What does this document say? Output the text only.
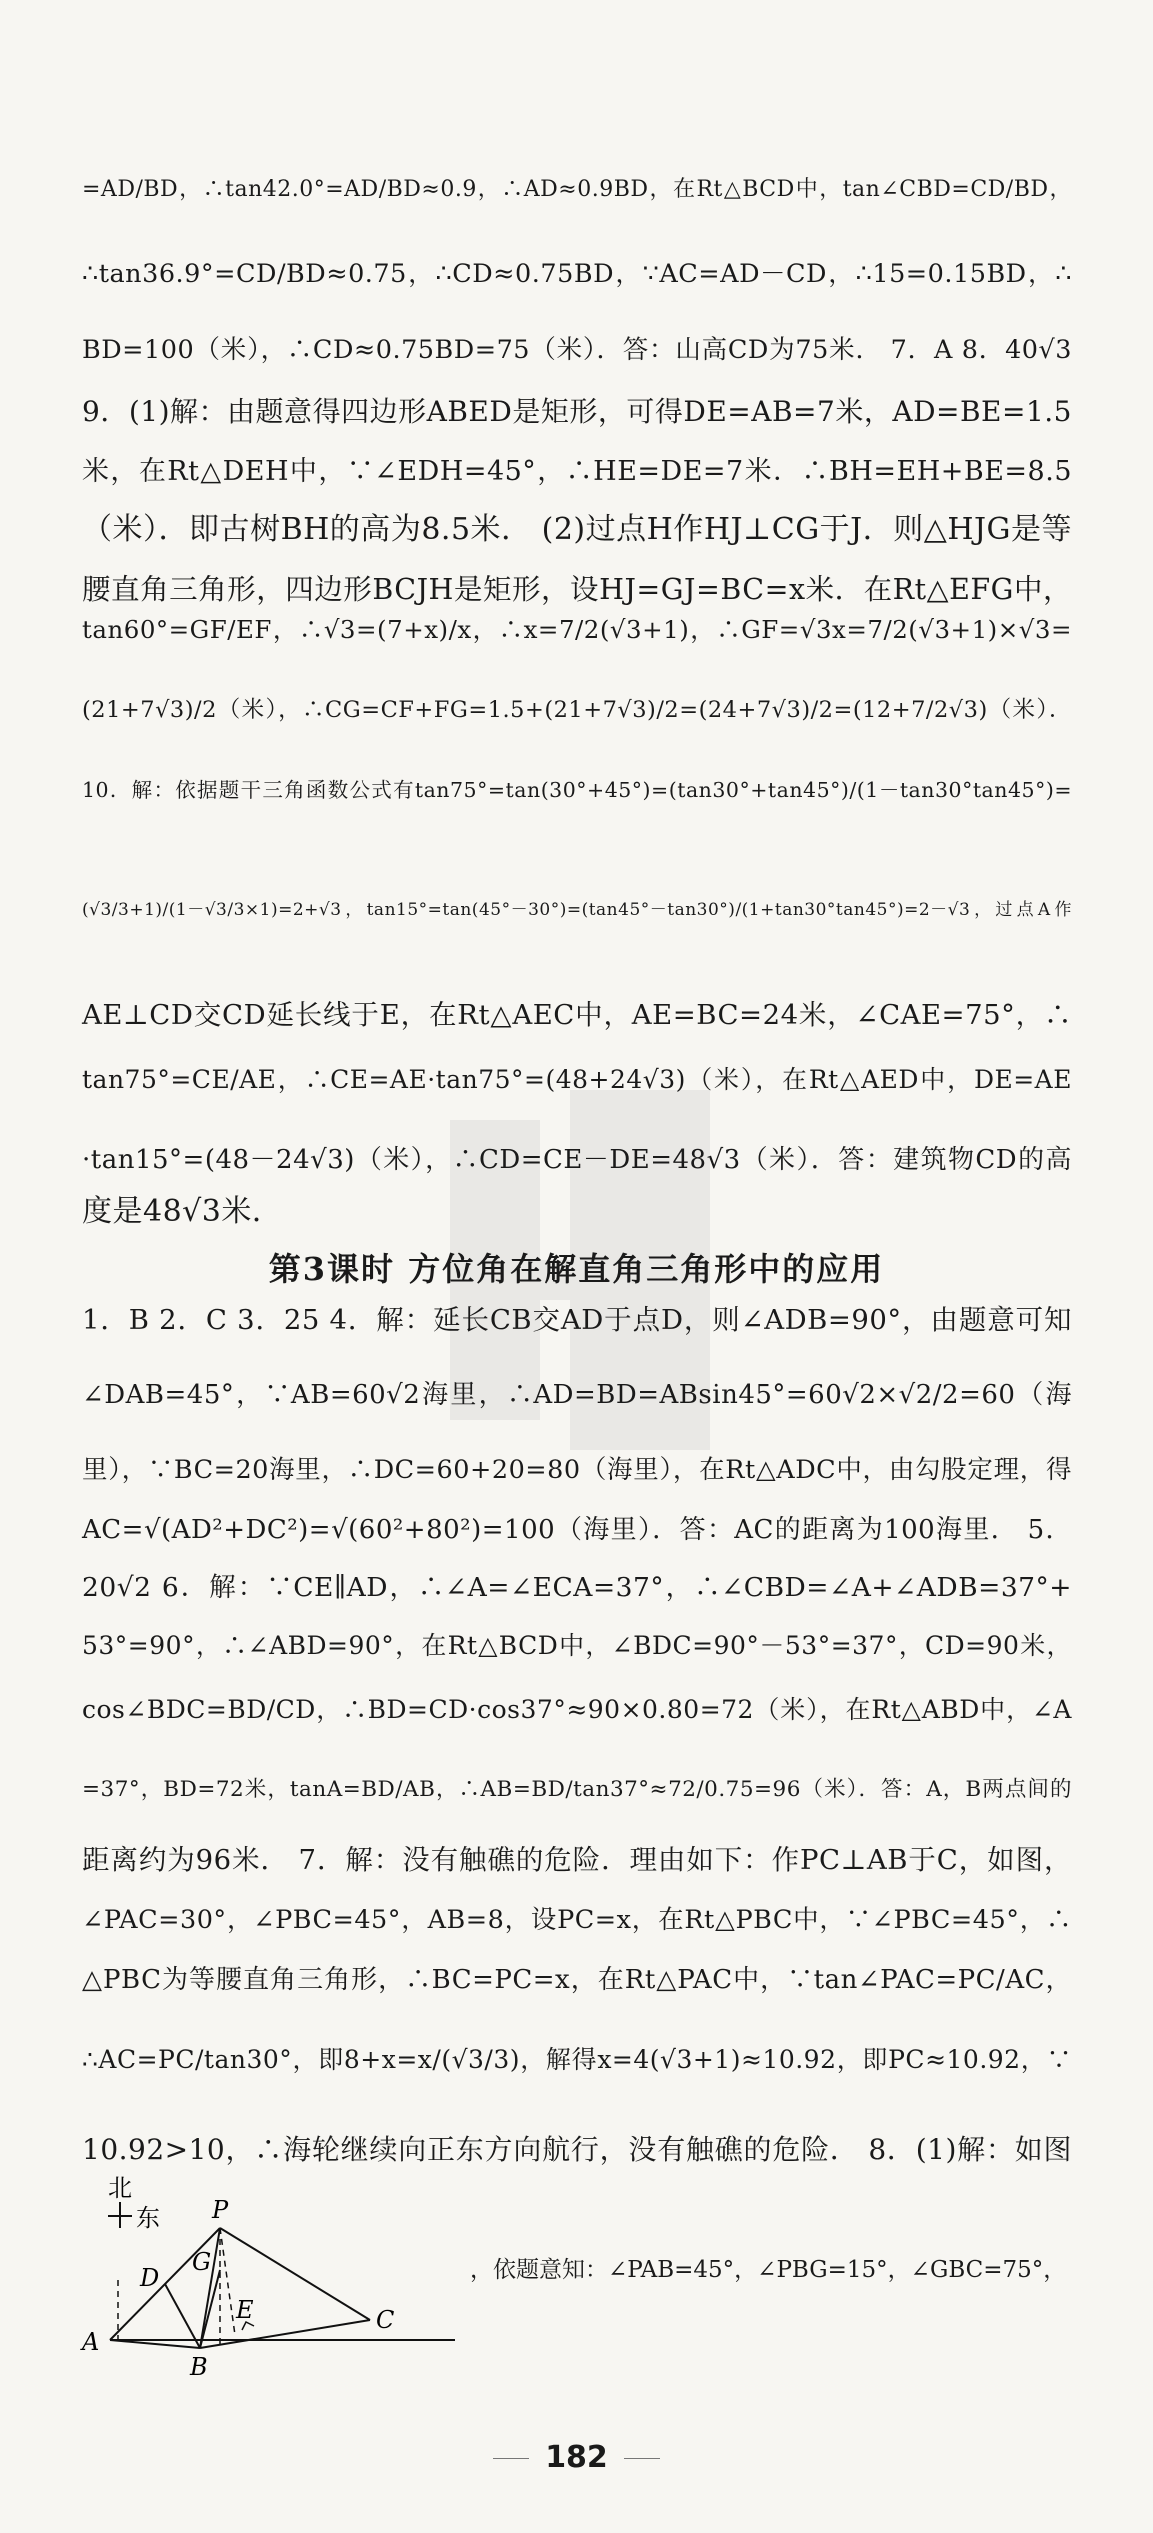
=AD/BD，∴tan42.0°=AD/BD≈0.9，∴AD≈0.9BD，在Rt△BCD中，tan∠CBD=CD/BD，
∴tan36.9°=CD/BD≈0.75，∴CD≈0.75BD，∵AC=AD－CD，∴15=0.15BD，∴
BD=100（米），∴CD≈0.75BD=75（米）．答：山高CD为75米． 7．A 8．40√3
9．(1)解：由题意得四边形ABED是矩形，可得DE=AB=7米，AD=BE=1.5
米，在Rt△DEH中，∵∠EDH=45°，∴HE=DE=7米．∴BH=EH+BE=8.5
（米）．即古树BH的高为8.5米． (2)过点H作HJ⊥CG于J．则△HJG是等
腰直角三角形，四边形BCJH是矩形，设HJ=GJ=BC=x米．在Rt△EFG中，
tan60°=GF/EF，∴√3=(7+x)/x，∴x=7/2(√3+1)，∴GF=√3x=7/2(√3+1)×√3=
(21+7√3)/2（米），∴CG=CF+FG=1.5+(21+7√3)/2=(24+7√3)/2=(12+7/2√3)（米）．
10．解：依据题干三角函数公式有tan75°=tan(30°+45°)=(tan30°+tan45°)/(1－tan30°tan45°)=
(√3/3+1)/(1－√3/3×1)=2+√3，tan15°=tan(45°－30°)=(tan45°－tan30°)/(1+tan30°tan45°)=2－√3，过点A作
AE⊥CD交CD延长线于E，在Rt△AEC中，AE=BC=24米，∠CAE=75°，∴
tan75°=CE/AE，∴CE=AE·tan75°=(48+24√3)（米），在Rt△AED中，DE=AE
·tan15°=(48－24√3)（米），∴CD=CE－DE=48√3（米）．答：建筑物CD的高
度是48√3米．
第3课时 方位角在解直角三角形中的应用
1．B 2．C 3．25 4．解：延长CB交AD于点D，则∠ADB=90°，由题意可知
∠DAB=45°，∵AB=60√2海里，∴AD=BD=ABsin45°=60√2×√2/2=60（海
里），∵BC=20海里，∴DC=60+20=80（海里），在Rt△ADC中，由勾股定理，得
AC=√(AD²+DC²)=√(60²+80²)=100（海里）．答：AC的距离为100海里． 5．
20√2 6．解：∵CE∥AD，∴∠A=∠ECA=37°，∴∠CBD=∠A+∠ADB=37°+
53°=90°，∴∠ABD=90°，在Rt△BCD中，∠BDC=90°－53°=37°，CD=90米，
cos∠BDC=BD/CD，∴BD=CD·cos37°≈90×0.80=72（米），在Rt△ABD中，∠A
=37°，BD=72米，tanA=BD/AB，∴AB=BD/tan37°≈72/0.75=96（米）．答：A，B两点间的
距离约为96米． 7．解：没有触礁的危险．理由如下：作PC⊥AB于C，如图，
∠PAC=30°，∠PBC=45°，AB=8，设PC=x，在Rt△PBC中，∵∠PBC=45°，∴
△PBC为等腰直角三角形，∴BC=PC=x，在Rt△PAC中，∵tan∠PAC=PC/AC，
∴AC=PC/tan30°，即8+x=x/(√3/3)，解得x=4(√3+1)≈10.92，即PC≈10.92，∵
10.92>10，∴海轮继续向正东方向航行，没有触礁的危险． 8．(1)解：如图
北
东 P
G
D
E
A
B
C
，依题意知：∠PAB=45°，∠PBG=15°，∠GBC=75°，
182
